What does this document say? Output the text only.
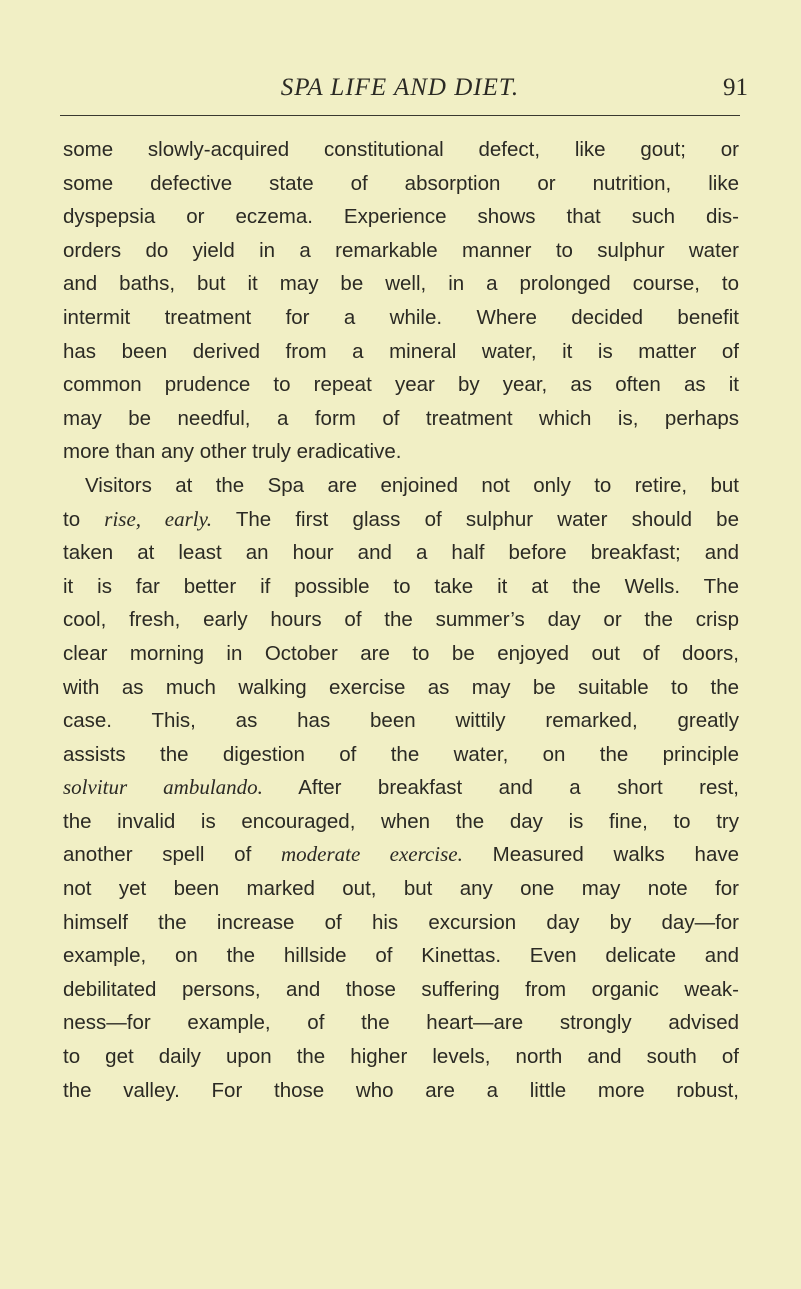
SPA LIFE AND DIET.	91
some slowly-acquired constitutional defect, like gout; or
some defective state of absorption or nutrition, like
dyspepsia or eczema. Experience shows that such dis-
orders do yield in a remarkable manner to sulphur water
and baths, but it may be well, in a prolonged course, to
intermit treatment for a while. Where decided benefit
has been derived from a mineral water, it is matter of
common prudence to repeat year by year, as often as it
may be needful, a form of treatment which is, perhaps
more than any other truly eradicative.
Visitors at the Spa are enjoined not only to retire, but
to rise, early. The first glass of sulphur water should be
taken at least an hour and a half before breakfast; and
it is far better if possible to take it at the Wells. The
cool, fresh, early hours of the summer’s day or the crisp
clear morning in October are to be enjoyed out of doors,
with as much walking exercise as may be suitable to the
case. This, as has been wittily remarked, greatly
assists the digestion of the water, on the principle
solvitur ambulando. After breakfast and a short rest,
the invalid is encouraged, when the day is fine, to try
another spell of moderate exercise. Measured walks have
not yet been marked out, but any one may note for
himself the increase of his excursion day by day—for
example, on the hillside of Kinettas. Even delicate and
debilitated persons, and those suffering from organic weak-
ness—for example, of the heart—are strongly advised
to get daily upon the higher levels, north and south of
the valley. For those who are a little more robust,
